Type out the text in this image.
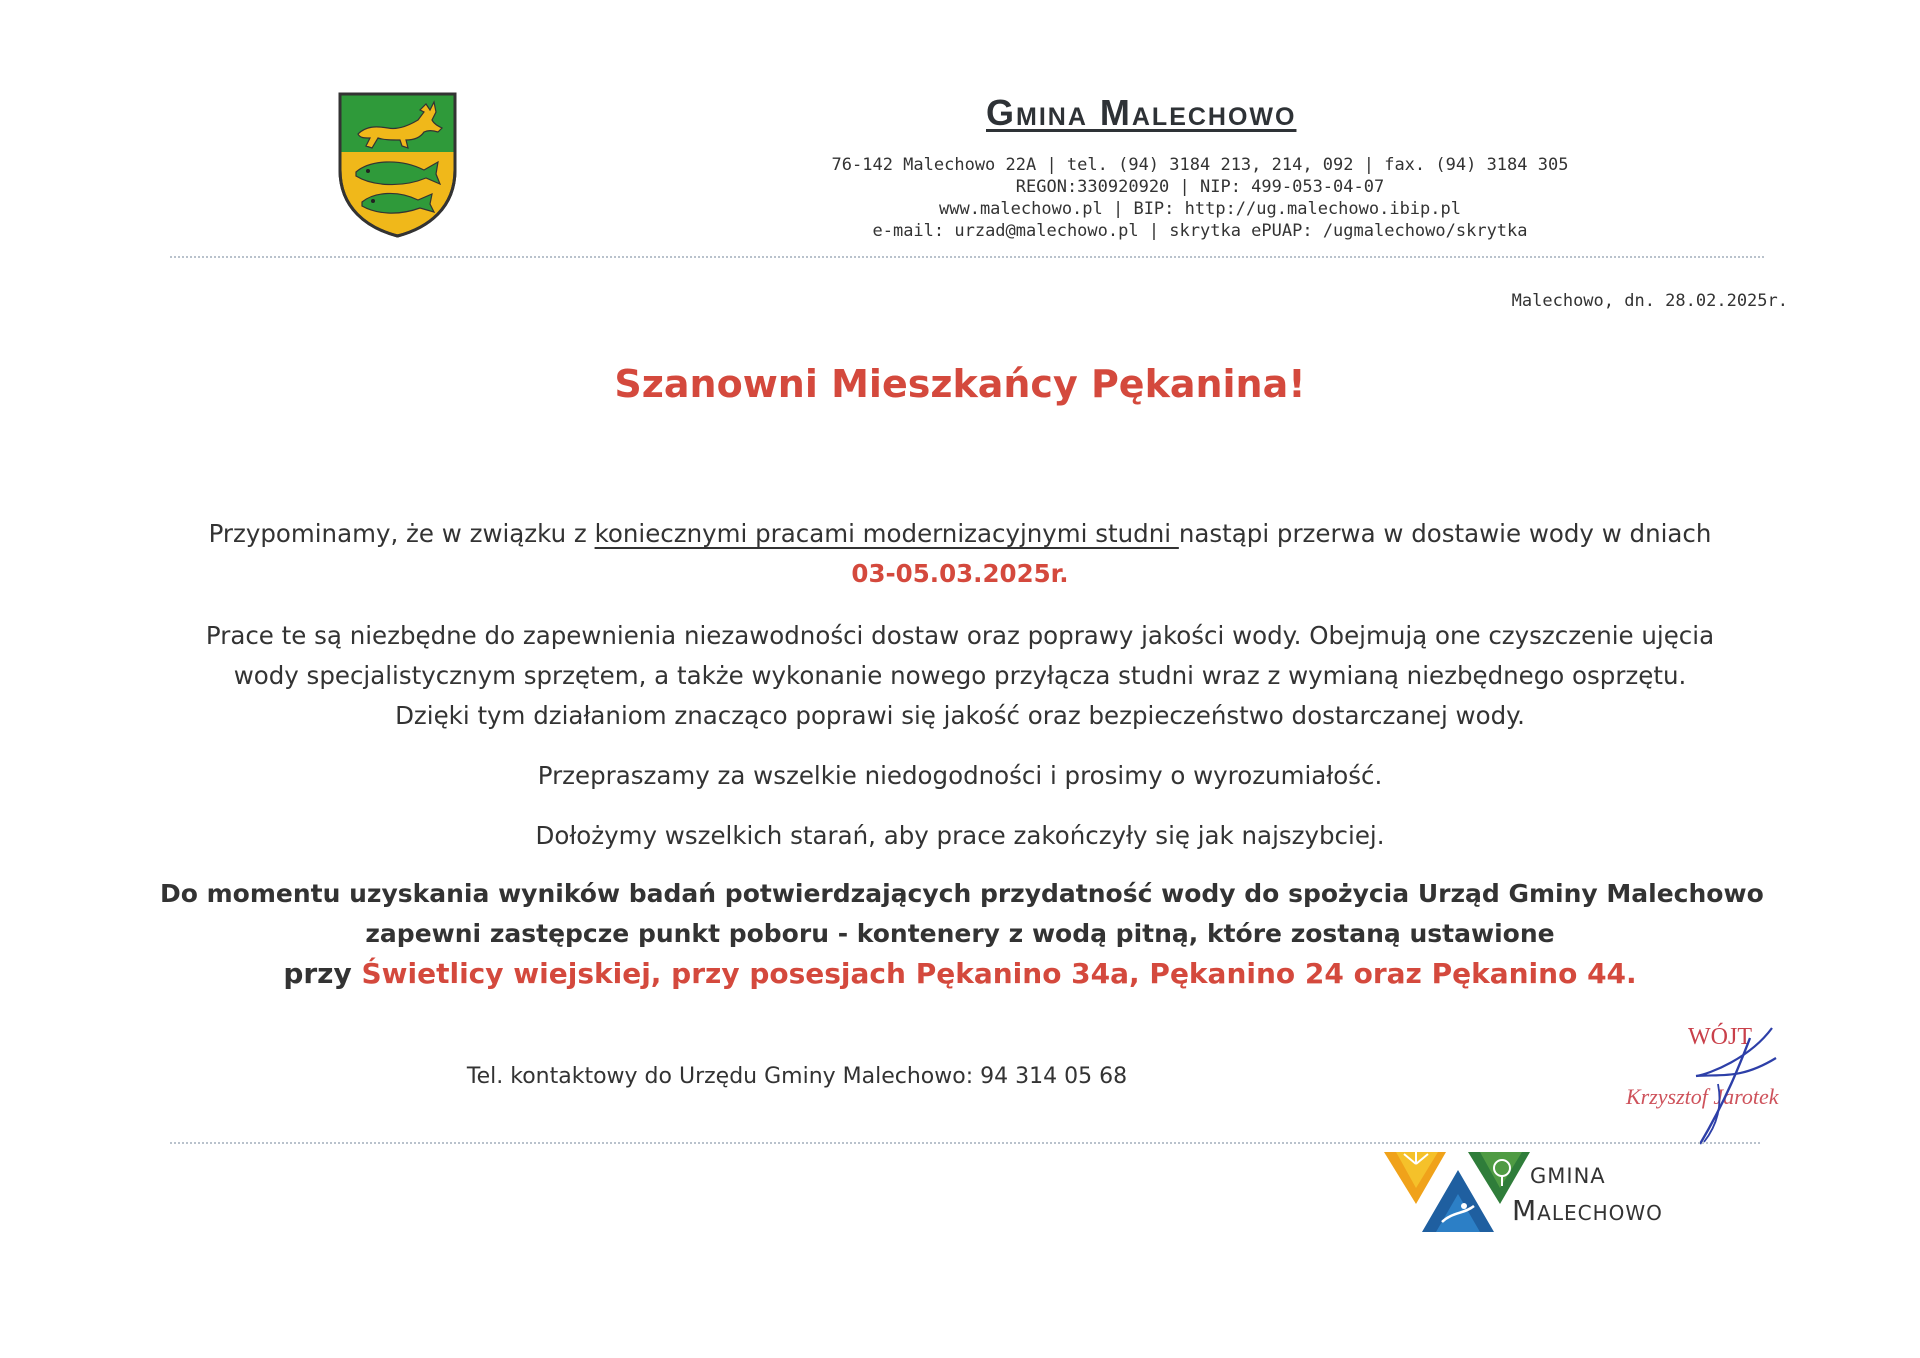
Gmina Malechowo
76-142 Malechowo 22A | tel. (94) 3184 213, 214, 092 | fax. (94) 3184 305
REGON:330920920 | NIP: 499-053-04-07
www.malechowo.pl | BIP: http://ug.malechowo.ibip.pl
e-mail: urzad@malechowo.pl | skrytka ePUAP: /ugmalechowo/skrytka
Malechowo, dn. 28.02.2025r.
Szanowni Mieszkańcy Pękanina!
Przypominamy, że w związku z koniecznymi pracami modernizacyjnymi studni nastąpi przerwa w dostawie wody w dniach
03-05.03.2025r.
Prace te są niezbędne do zapewnienia niezawodności dostaw oraz poprawy jakości wody. Obejmują one czyszczenie ujęcia
wody specjalistycznym sprzętem, a także wykonanie nowego przyłącza studni wraz z wymianą niezbędnego osprzętu.
Dzięki tym działaniom znacząco poprawi się jakość oraz bezpieczeństwo dostarczanej wody.
Przepraszamy za wszelkie niedogodności i prosimy o wyrozumiałość.
Dołożymy wszelkich starań, aby prace zakończyły się jak najszybciej.
Do momentu uzyskania wyników badań potwierdzających przydatność wody do spożycia Urząd Gminy Malechowo
zapewni zastępcze punkt poboru - kontenery z wodą pitną, które zostaną ustawione
przy Świetlicy wiejskiej, przy posesjach Pękanino 34a, Pękanino 24 oraz Pękanino 44.
Tel. kontaktowy do Urzędu Gminy Malechowo: 94 314 05 68
WÓJT
Krzysztof Jarotek
GMINA
Malechowo
